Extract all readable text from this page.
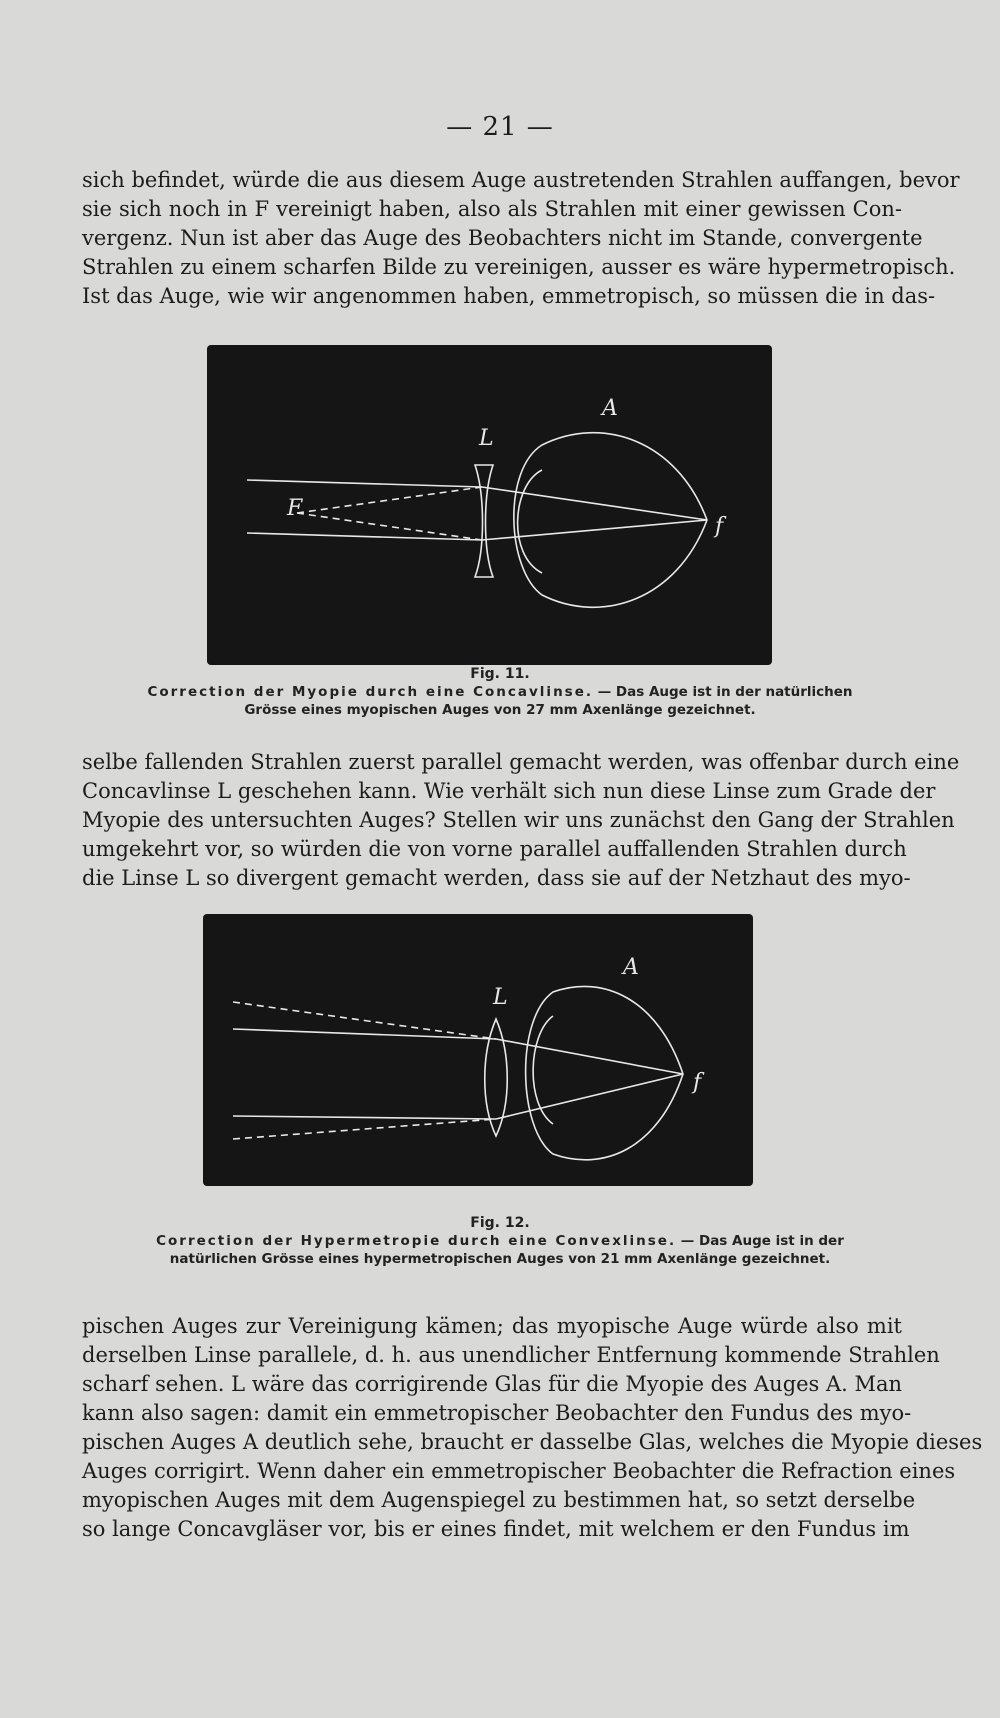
— 21 —
sich befindet, würde die aus diesem Auge austretenden Strahlen auffangen, bevor
sie sich noch in F vereinigt haben, also als Strahlen mit einer gewissen Con-
vergenz. Nun ist aber das Auge des Beobachters nicht im Stande, convergente
Strahlen zu einem scharfen Bilde zu vereinigen, ausser es wäre hypermetropisch.
Ist das Auge, wie wir angenommen haben, emmetropisch, so müssen die in das-
L
A
F
f
Fig. 11.
Correction der Myopie durch eine Concavlinse. — Das Auge ist in der natürlichen
Grösse eines myopischen Auges von 27 mm Axenlänge gezeichnet.
selbe fallenden Strahlen zuerst parallel gemacht werden, was offenbar durch eine
Concavlinse L geschehen kann. Wie verhält sich nun diese Linse zum Grade der
Myopie des untersuchten Auges? Stellen wir uns zunächst den Gang der Strahlen
umgekehrt vor, so würden die von vorne parallel auffallenden Strahlen durch
die Linse L so divergent gemacht werden, dass sie auf der Netzhaut des myo-
L
A
f
Fig. 12.
Correction der Hypermetropie durch eine Convexlinse. — Das Auge ist in der
natürlichen Grösse eines hypermetropischen Auges von 21 mm Axenlänge gezeichnet.
pischen Auges zur Vereinigung kämen; das myopische Auge würde also mit
derselben Linse parallele, d. h. aus unendlicher Entfernung kommende Strahlen
scharf sehen. L wäre das corrigirende Glas für die Myopie des Auges A. Man
kann also sagen: damit ein emmetropischer Beobachter den Fundus des myo-
pischen Auges A deutlich sehe, braucht er dasselbe Glas, welches die Myopie dieses
Auges corrigirt. Wenn daher ein emmetropischer Beobachter die Refraction eines
myopischen Auges mit dem Augenspiegel zu bestimmen hat, so setzt derselbe
so lange Concavgläser vor, bis er eines findet, mit welchem er den Fundus im
